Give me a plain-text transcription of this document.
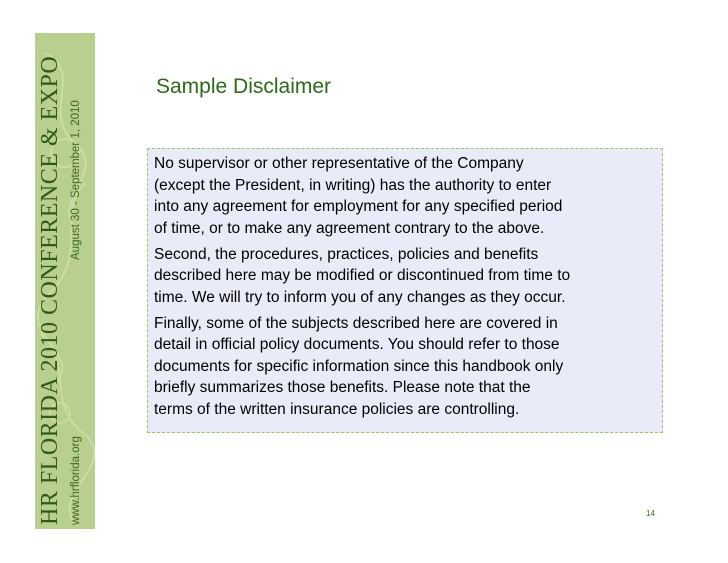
HR FLORIDA 2010 CONFERENCE & EXPO www.hrflorida.org
August 30 - September 1, 2010
Sample Disclaimer
No supervisor or other representative of the Company
(except the President, in writing) has the authority to enter
into any agreement for employment for any specified period
of time, or to make any agreement contrary to the above.
Second, the procedures, practices, policies and benefits
described here may be modified or discontinued from time to
time. We will try to inform you of any changes as they occur.
Finally, some of the subjects described here are covered in
detail in official policy documents. You should refer to those
documents for specific information since this handbook only
briefly summarizes those benefits. Please note that the
terms of the written insurance policies are controlling.
14
